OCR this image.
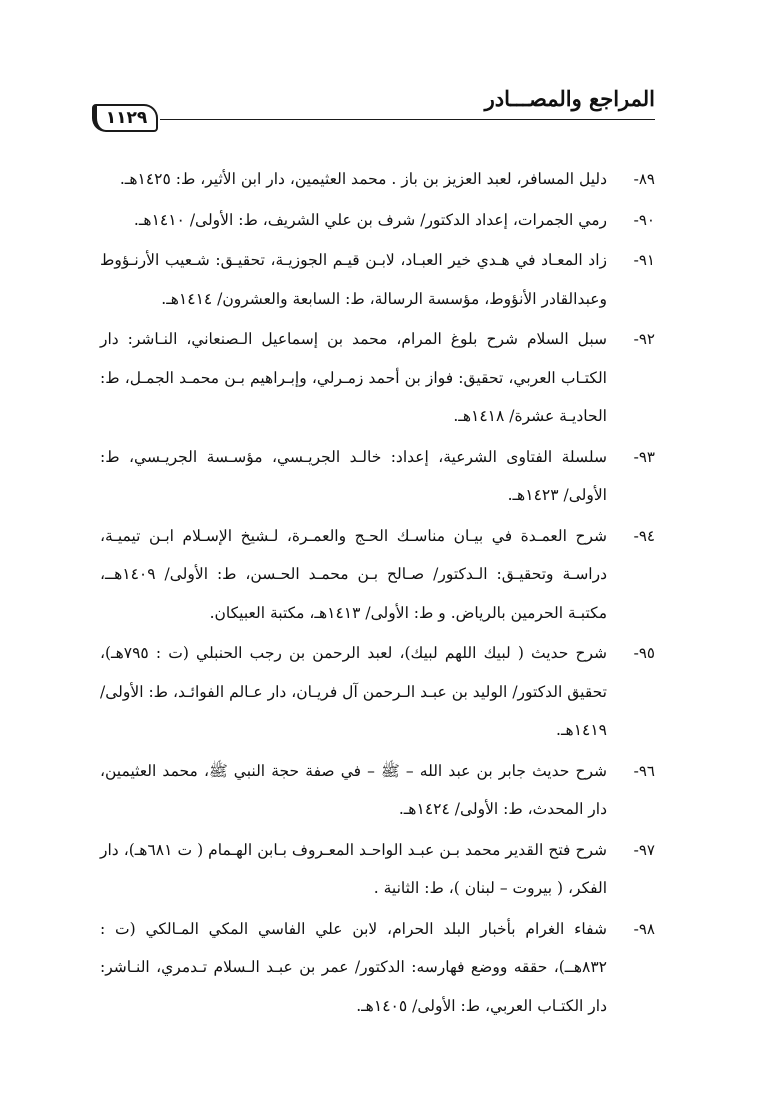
المراجع والمصـــادر
١١٢٩
٨٩-
دليل المسافر، لعبد العزيز بن باز . محمد العثيمين، دار ابن الأثير، ط: ١٤٢٥هـ.
٩٠-
رمي الجمرات، إعداد الدكتور/ شرف بن علي الشريف، ط: الأولى/ ١٤١٠هـ.
٩١-
زاد المعـاد في هـدي خير العبـاد، لابـن قيـم الجوزيـة، تحقيـق: شـعيب الأرنـؤوط وعبدالقادر الأنؤوط، مؤسسة الرسالة، ط: السابعة والعشرون/ ١٤١٤هـ.
٩٢-
سبل السلام شرح بلوغ المرام، محمد بن إسماعيل الـصنعاني، النـاشر: دار الكتـاب العربي، تحقيق: فواز بن أحمد زمـرلي، وإبـراهيم بـن محمـد الجمـل، ط: الحاديـة عشرة/ ١٤١٨هـ.
٩٣-
سلسلة الفتاوى الشرعية، إعداد: خالـد الجريـسي، مؤسـسة الجريـسي، ط: الأولى/ ١٤٢٣هـ.
٩٤-
شرح العمـدة في بيـان مناسـك الحـج والعمـرة، لـشيخ الإسـلام ابـن تيميـة، دراسـة وتحقيـق: الـدكتور/ صـالح بـن محمـد الحـسن، ط: الأولى/ ١٤٠٩هــ، مكتبـة الحرمين بالرياض. و ط: الأولى/ ١٤١٣هـ، مكتبة العبيكان.
٩٥-
شرح حديث ( لبيك اللهم لبيك)، لعبد الرحمن بن رجب الحنبلي (ت : ٧٩٥هـ)، تحقيق الدكتور/ الوليد بن عبـد الـرحمن آل فريـان، دار عـالم الفوائـد، ط: الأولى/ ١٤١٩هـ.
٩٦-
شرح حديث جابر بن عبد الله – ﷺ – في صفة حجة النبي ﷺ، محمد العثيمين، دار المحدث، ط: الأولى/ ١٤٢٤هـ.
٩٧-
شرح فتح القدير محمد بـن عبـد الواحـد المعـروف بـابن الهـمام ( ت ٦٨١هـ)، دار الفكر، ( بيروت – لبنان )، ط: الثانية .
٩٨-
شفاء الغرام بأخبار البلد الحرام، لابن علي الفاسي المكي المـالكي (ت : ٨٣٢هــ)، حققه ووضع فهارسه: الدكتور/ عمر بن عبـد الـسلام تـدمري، النـاشر: دار الكتـاب العربي، ط: الأولى/ ١٤٠٥هـ.
